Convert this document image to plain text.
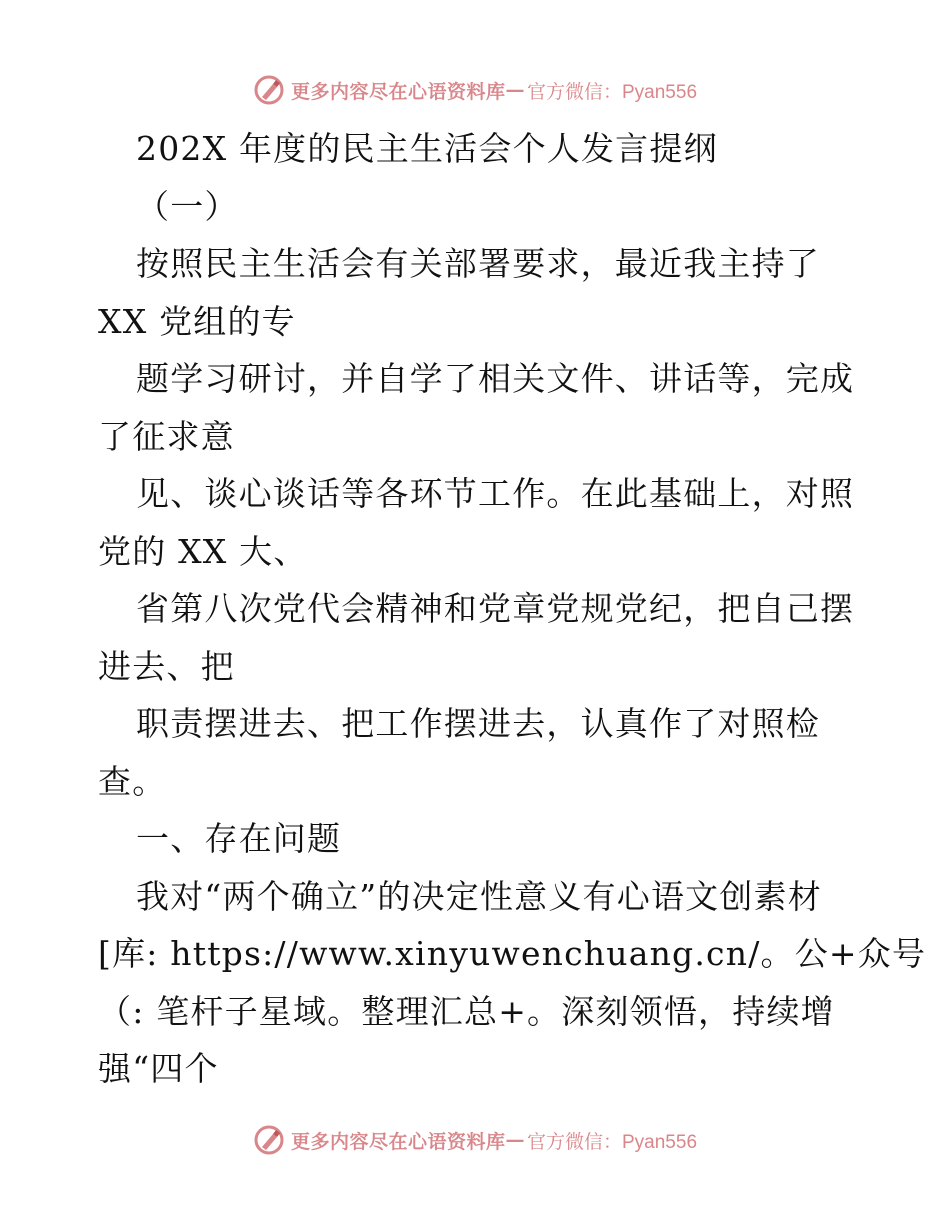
更多内容尽在心语资料库 — 官方微信：Pyan556
202X 年度的民主生活会个人发言提纲
（一）
按照民主生活会有关部署要求，最近我主持了
XX 党组的专
题学习研讨，并自学了相关文件、讲话等，完成
了征求意
见、谈心谈话等各环节工作。在此基础上，对照
党的 XX 大、
省第八次党代会精神和党章党规党纪，把自己摆
进去、把
职责摆进去、把工作摆进去，认真作了对照检
查。
一、存在问题
我对“两个确立”的决定性意义有心语文创素材
[库: https://www.xinyuwenchuang.cn/。公+众号
（: 笔杆子星域。整理汇总+。深刻领悟，持续增
强“四个
更多内容尽在心语资料库 — 官方微信：Pyan556
